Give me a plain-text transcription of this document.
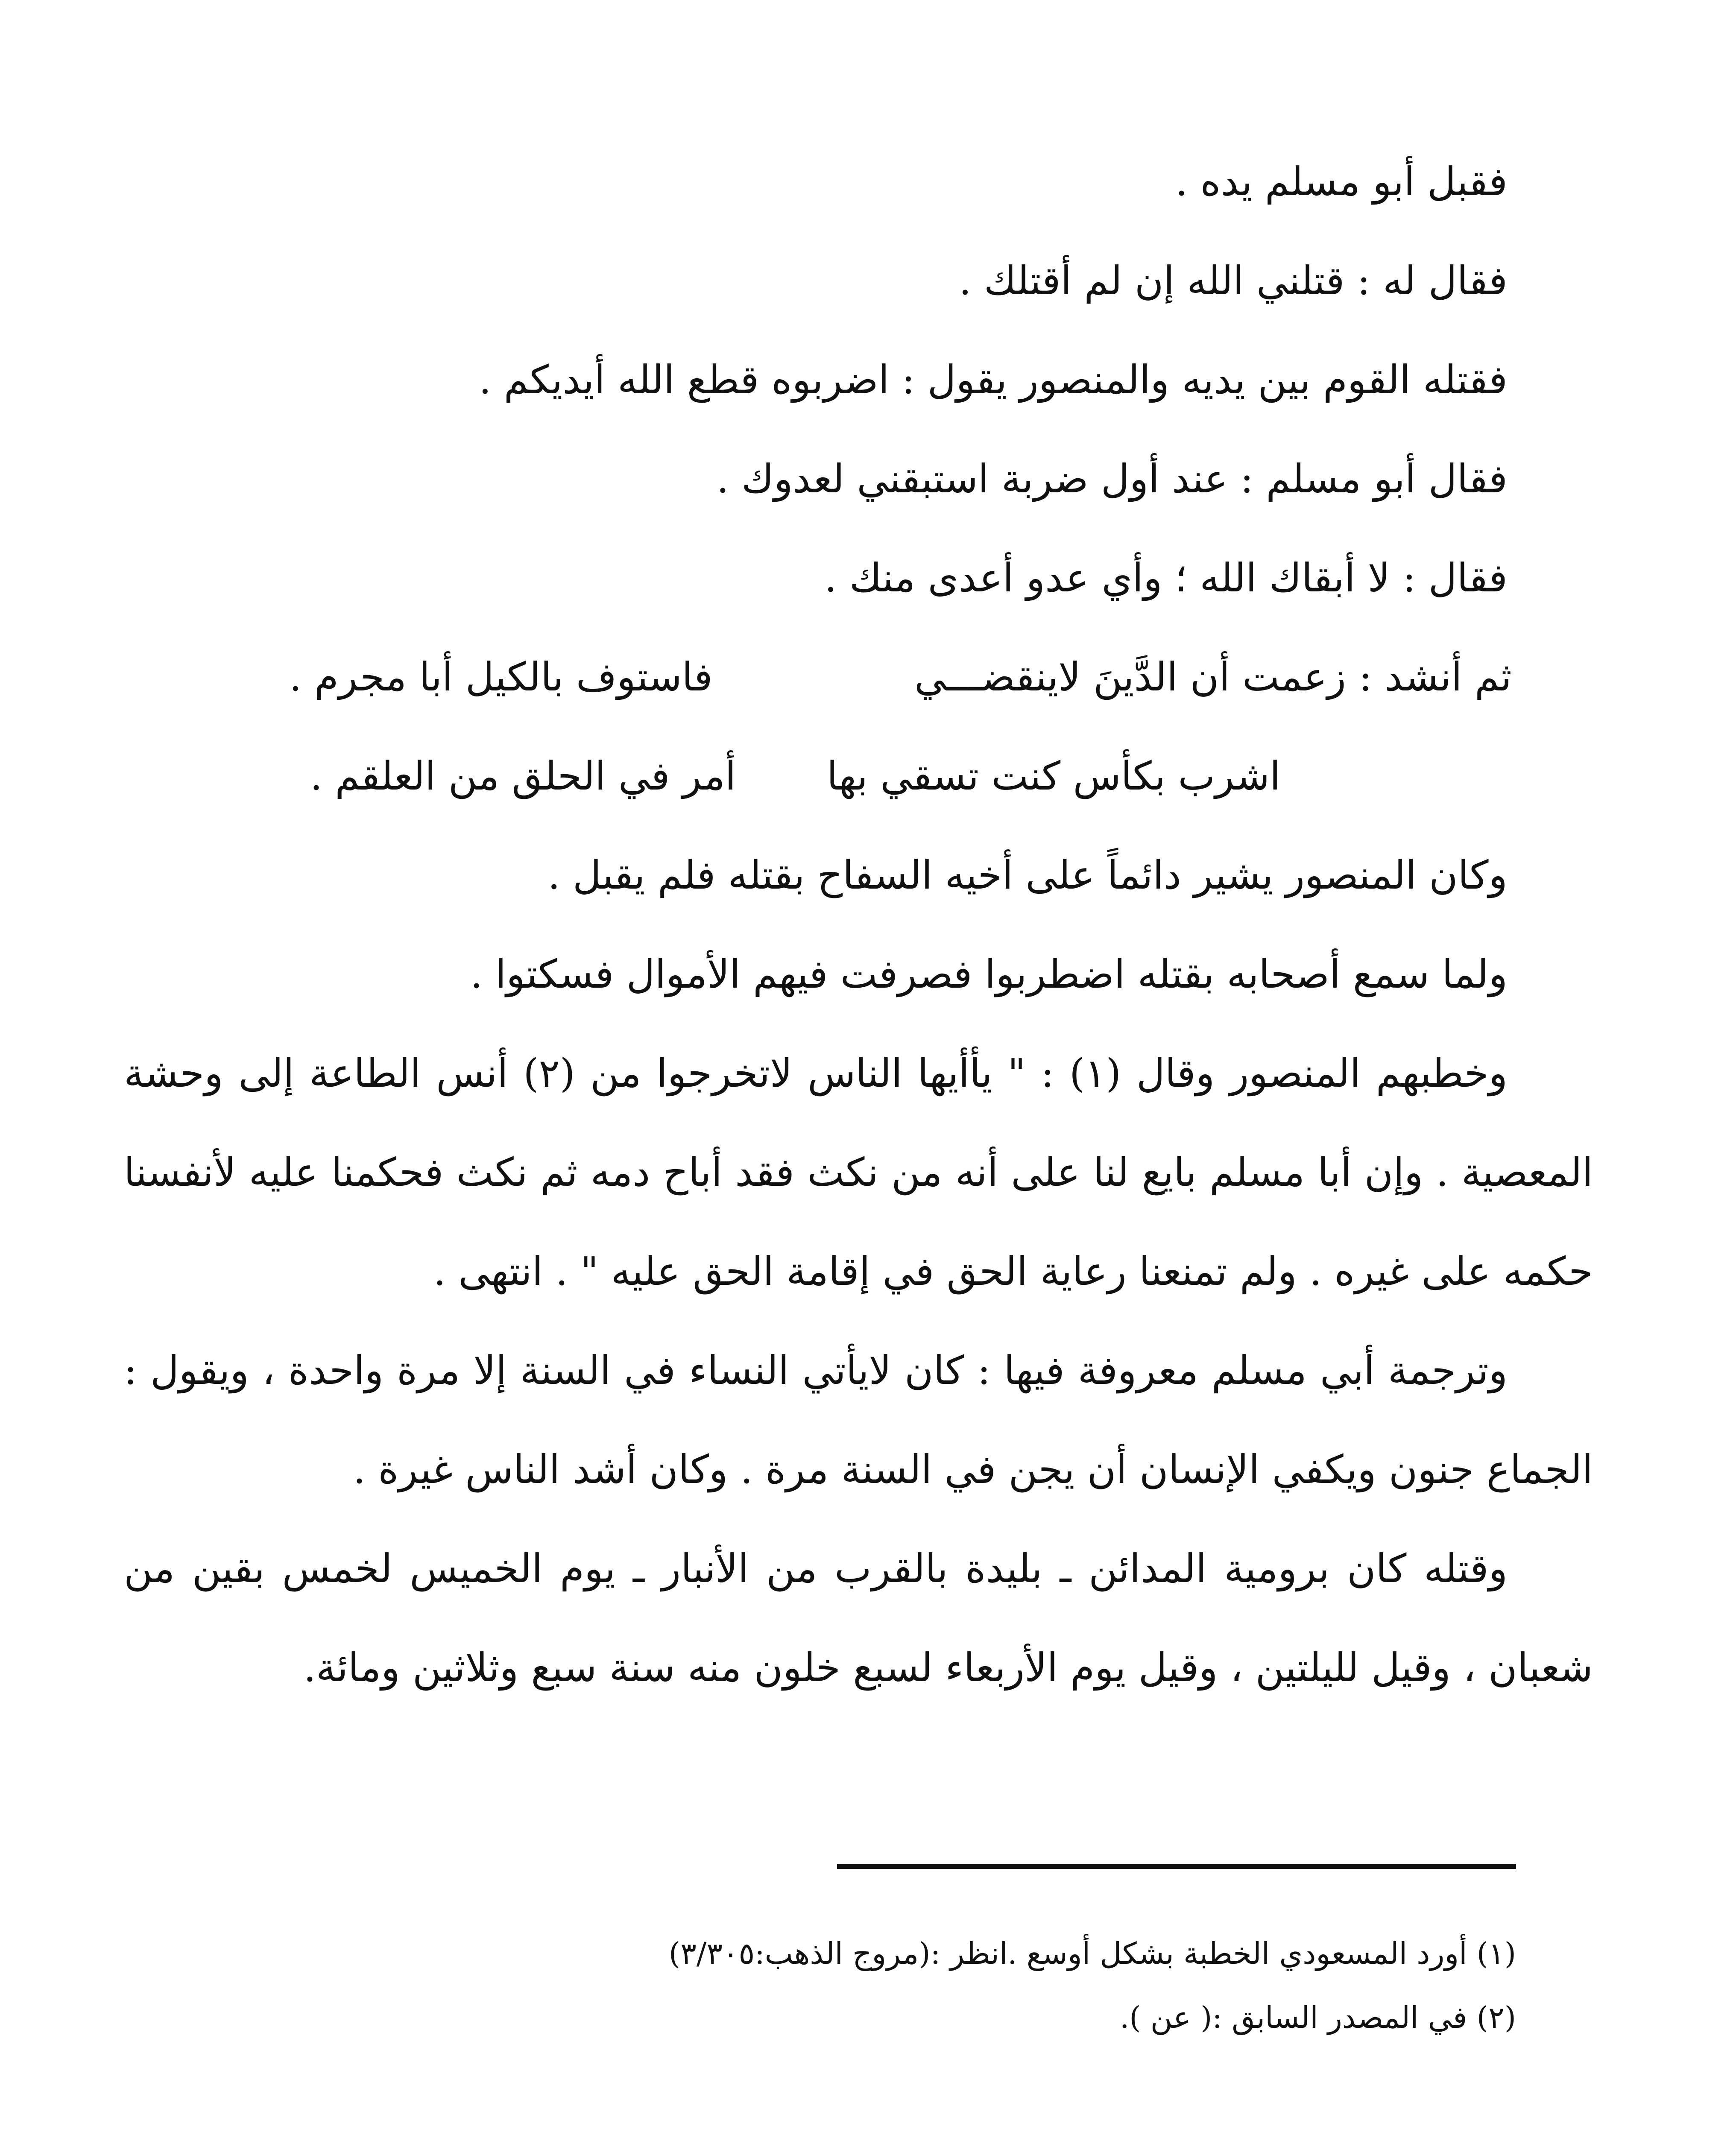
فقبل أبو مسلم يده .
فقال له : قتلني الله إن لم أقتلك .
فقتله القوم بين يديه والمنصور يقول : اضربوه قطع الله أيديكم .
فقال أبو مسلم : عند أول ضربة استبقني لعدوك .
فقال : لا أبقاك الله ؛ وأي عدو أعدى منك .
ثم أنشد :
زعمت أن الدَّينَ لاينقضـــي
فاستوف بالكيل أبا مجرم .
اشرب بكأس كنت تسقي بها
أمر في الحلق من العلقم .
وكان المنصور يشير دائماً على أخيه السفاح بقتله فلم يقبل .
ولما سمع أصحابه بقتله اضطربوا فصرفت فيهم الأموال فسكتوا .
وخطبهم المنصور وقال (١) : " يأأيها الناس لاتخرجوا من (٢) أنس الطاعة إلى وحشة المعصية . وإن أبا مسلم بايع لنا على أنه من نكث فقد أباح دمه ثم نكث فحكمنا عليه لأنفسنا حكمه على غيره . ولم تمنعنا رعاية الحق في إقامة الحق عليه " . انتهى .
وترجمة أبي مسلم معروفة فيها : كان لايأتي النساء في السنة إلا مرة واحدة ، ويقول : الجماع جنون ويكفي الإنسان أن يجن في السنة مرة . وكان أشد الناس غيرة .
وقتله كان برومية المدائن ـ بليدة بالقرب من الأنبار ـ يوم الخميس لخمس بقين من شعبان ، وقيل لليلتين ، وقيل يوم الأربعاء لسبع خلون منه سنة سبع وثلاثين ومائة.
(١) أورد المسعودي الخطبة بشكل أوسع .انظر :(مروج الذهب:٣/٣٠٥)
(٢) في المصدر السابق :( عن ).
